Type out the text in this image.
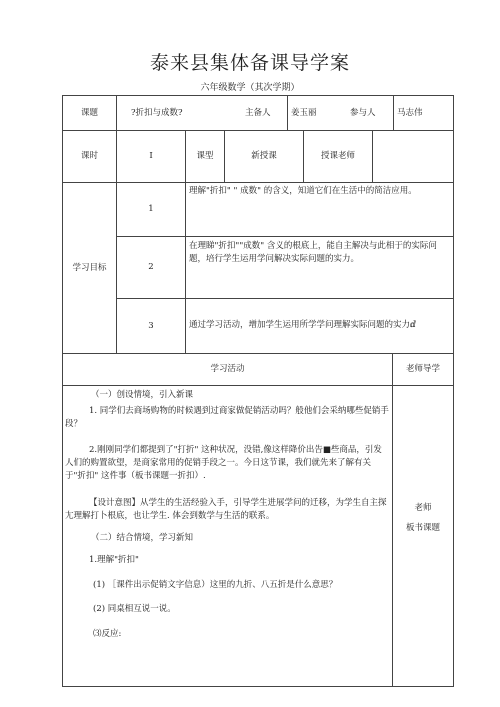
泰来县集体备课导学案
六年级数学（其次学期）
课题	?折扣与成数?	主备人 姜玉丽	参与人	马志伟
课时	I	课型	新授课	授课老师
学习目标
1
理解"折扣" " 成数" 的含义，知道它们在生活中的简洁应用。
2
在理睇"折扣""成数" 含义的根底上，能自主解决与此相于的实际问题，培行学生运用学问解决实际问题的实力。
3	通过学习活动，增加学生运用所学学问理解实际问题的实力ⅆ
学习活动	老师导学
（一）创设情境，引入新课
1. 同学们去商场购物的时候遇到过商家做促销活动吗？般他们会采纳哪些促销手段？
2.刚刚同学们都提到了"打折" 这种状况，没错,像这样降价出告■些商品，引发人们的购置欲望，是商家常用的促销手段之一。今日这节课，我们就先来了解有关于"折扣" 这件事（板书课题一折扣）.
【设计意图】从学生的生活经验入手，引导学生进展学问的迁移，为学生自主探尢理解打卜根底，也让学生. 体会到数学与生活的联系。
（二）结合情境，学习新知
1.理解"折扣"
(1) ［课件出示促销文字信息）这里的九折、八五折是什么意思？
(2) 同桌相互说一说。
⑶反应:
老师
板书课题
